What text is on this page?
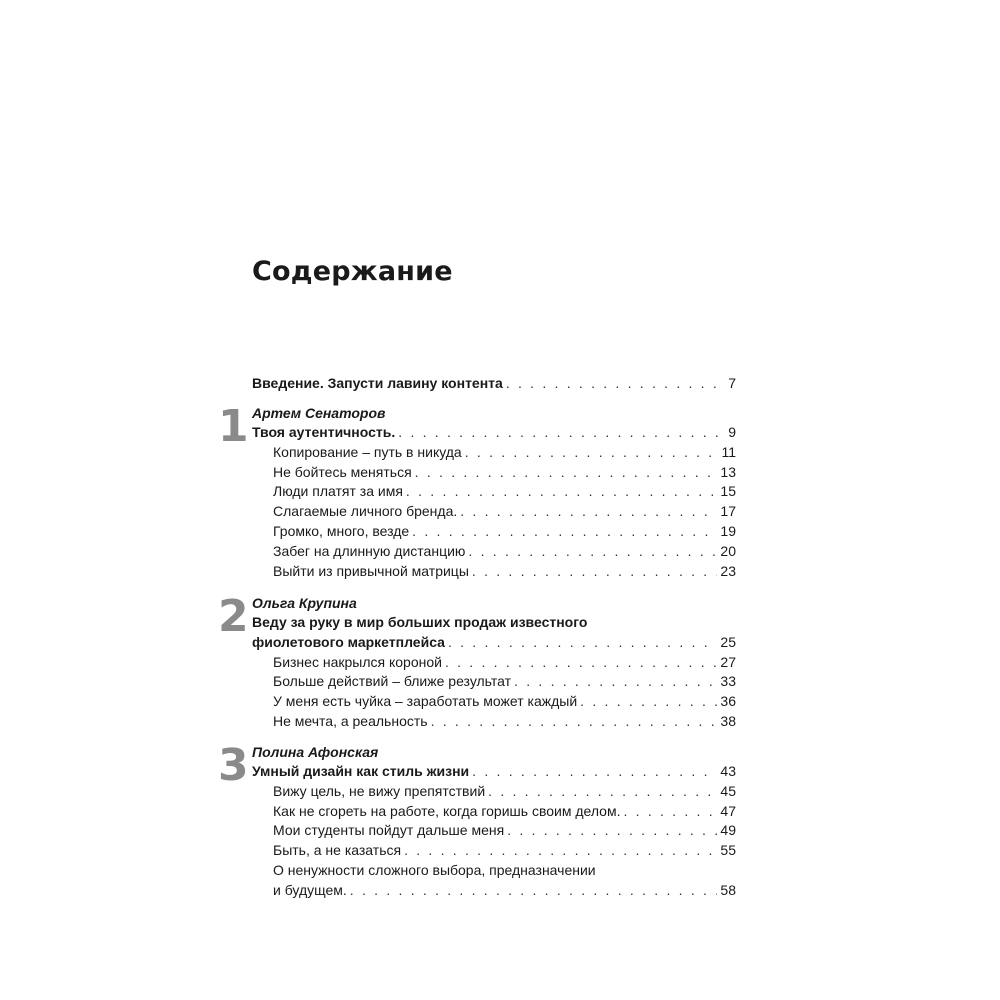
Содержание
Введение. Запусти лавину контента . . .	7
1 Артем Сенаторов
Твоя аутентичность. . . .	9
Копирование – путь в никуда . . .	11
Не бойтесь меняться . . .	13
Люди платят за имя . . .	15
Слагаемые личного бренда. . . .	17
Громко, много, везде . . .	19
Забег на длинную дистанцию . . .	20
Выйти из привычной матрицы . . .	23
2 Ольга Крупина
Веду за руку в мир больших продаж известного
фиолетового маркетплейса . . .	25
Бизнес накрылся короной . . .	27
Больше действий – ближе результат . . .	33
У меня есть чуйка – заработать может каждый . . .	36
Не мечта, а реальность . . .	38
3 Полина Афонская
Умный дизайн как стиль жизни . . .	43
Вижу цель, не вижу препятствий . . .	45
Как не сгореть на работе, когда горишь своим делом. . . .	47
Мои студенты пойдут дальше меня . . .	49
Быть, а не казаться . . .	55
О ненужности сложного выбора, предназначении
и будущем. . . .	58
